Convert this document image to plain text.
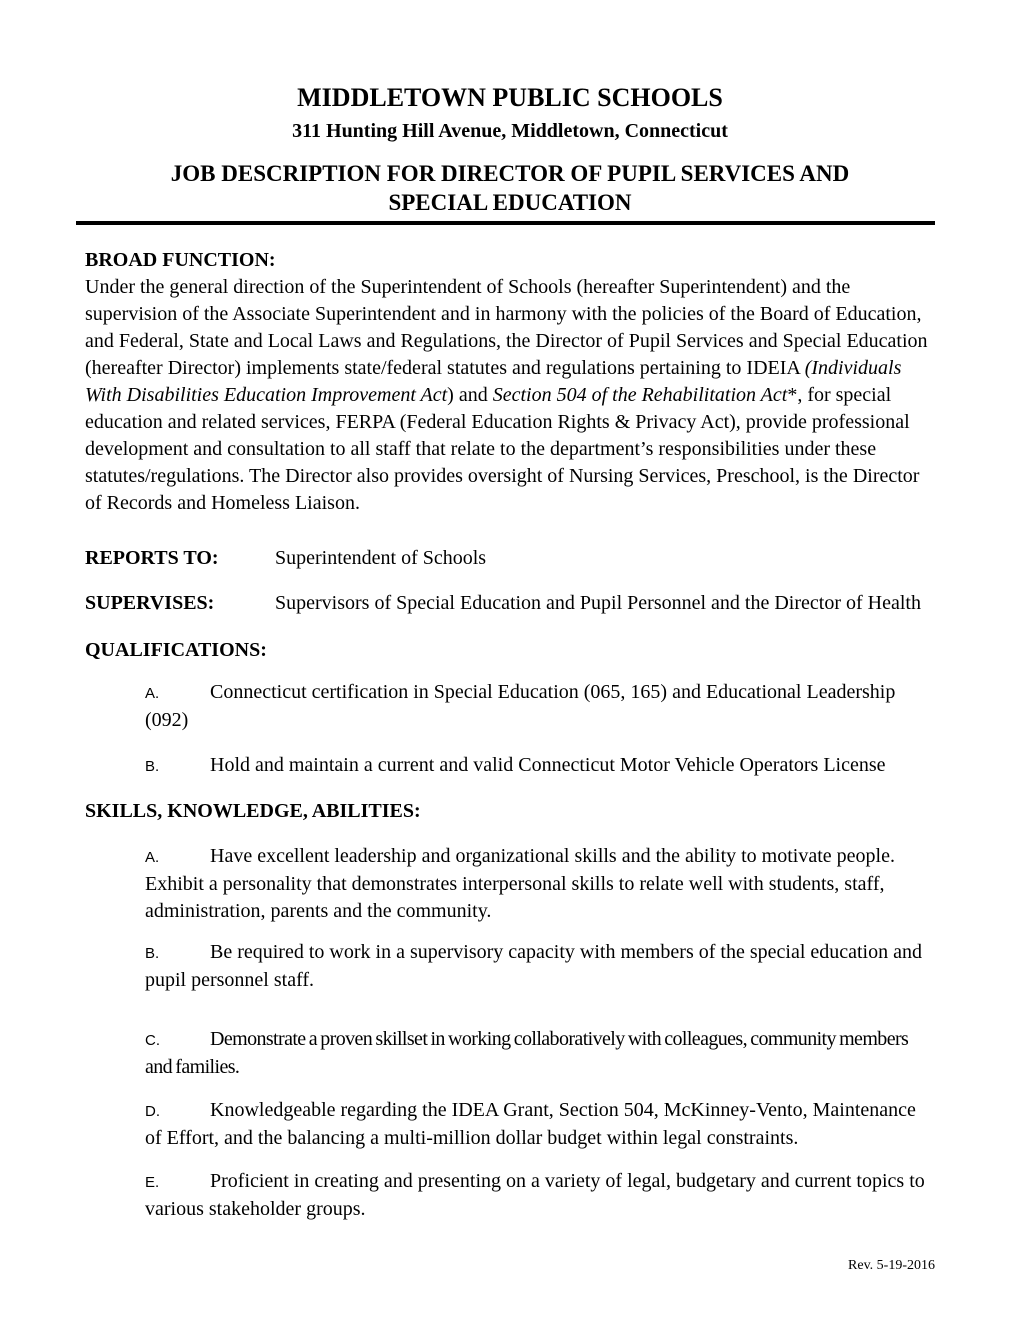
MIDDLETOWN PUBLIC SCHOOLS
311 Hunting Hill Avenue, Middletown, Connecticut
JOB DESCRIPTION FOR DIRECTOR OF PUPIL SERVICES AND SPECIAL EDUCATION
BROAD FUNCTION:

Under the general direction of the Superintendent of Schools (hereafter Superintendent) and the supervision of the Associate Superintendent and in harmony with the policies of the Board of Education, and Federal, State and Local Laws and Regulations, the Director of Pupil Services and Special Education (hereafter Director) implements state/federal statutes and regulations pertaining to IDEIA (Individuals With Disabilities Education Improvement Act) and Section 504 of the Rehabilitation Act*, for special education and related services, FERPA (Federal Education Rights & Privacy Act), provide professional development and consultation to all staff that relate to the department’s responsibilities under these statutes/regulations. The Director also provides oversight of Nursing Services, Preschool, is the Director of Records and Homeless Liaison.

REPORTS TO:	Superintendent of Schools
SUPERVISES:	Supervisors of Special Education and Pupil Personnel and the Director of Health
QUALIFICATIONS:
A.	Connecticut certification in Special Education (065, 165) and Educational Leadership (092)
B.	Hold and maintain a current and valid Connecticut Motor Vehicle Operators License
SKILLS, KNOWLEDGE, ABILITIES:
A.	Have excellent leadership and organizational skills and the ability to motivate people. Exhibit a personality that demonstrates interpersonal skills to relate well with students, staff, administration, parents and the community.
B.	Be required to work in a supervisory capacity with members of the special education and pupil personnel staff.
C.	Demonstrate a proven skillset in working collaboratively with colleagues, community members and families.
D.	Knowledgeable regarding the IDEA Grant, Section 504, McKinney-Vento, Maintenance of Effort, and the balancing a multi-million dollar budget within legal constraints.
E.	Proficient in creating and presenting on a variety of legal, budgetary and current topics to various stakeholder groups.
Rev. 5-19-2016
